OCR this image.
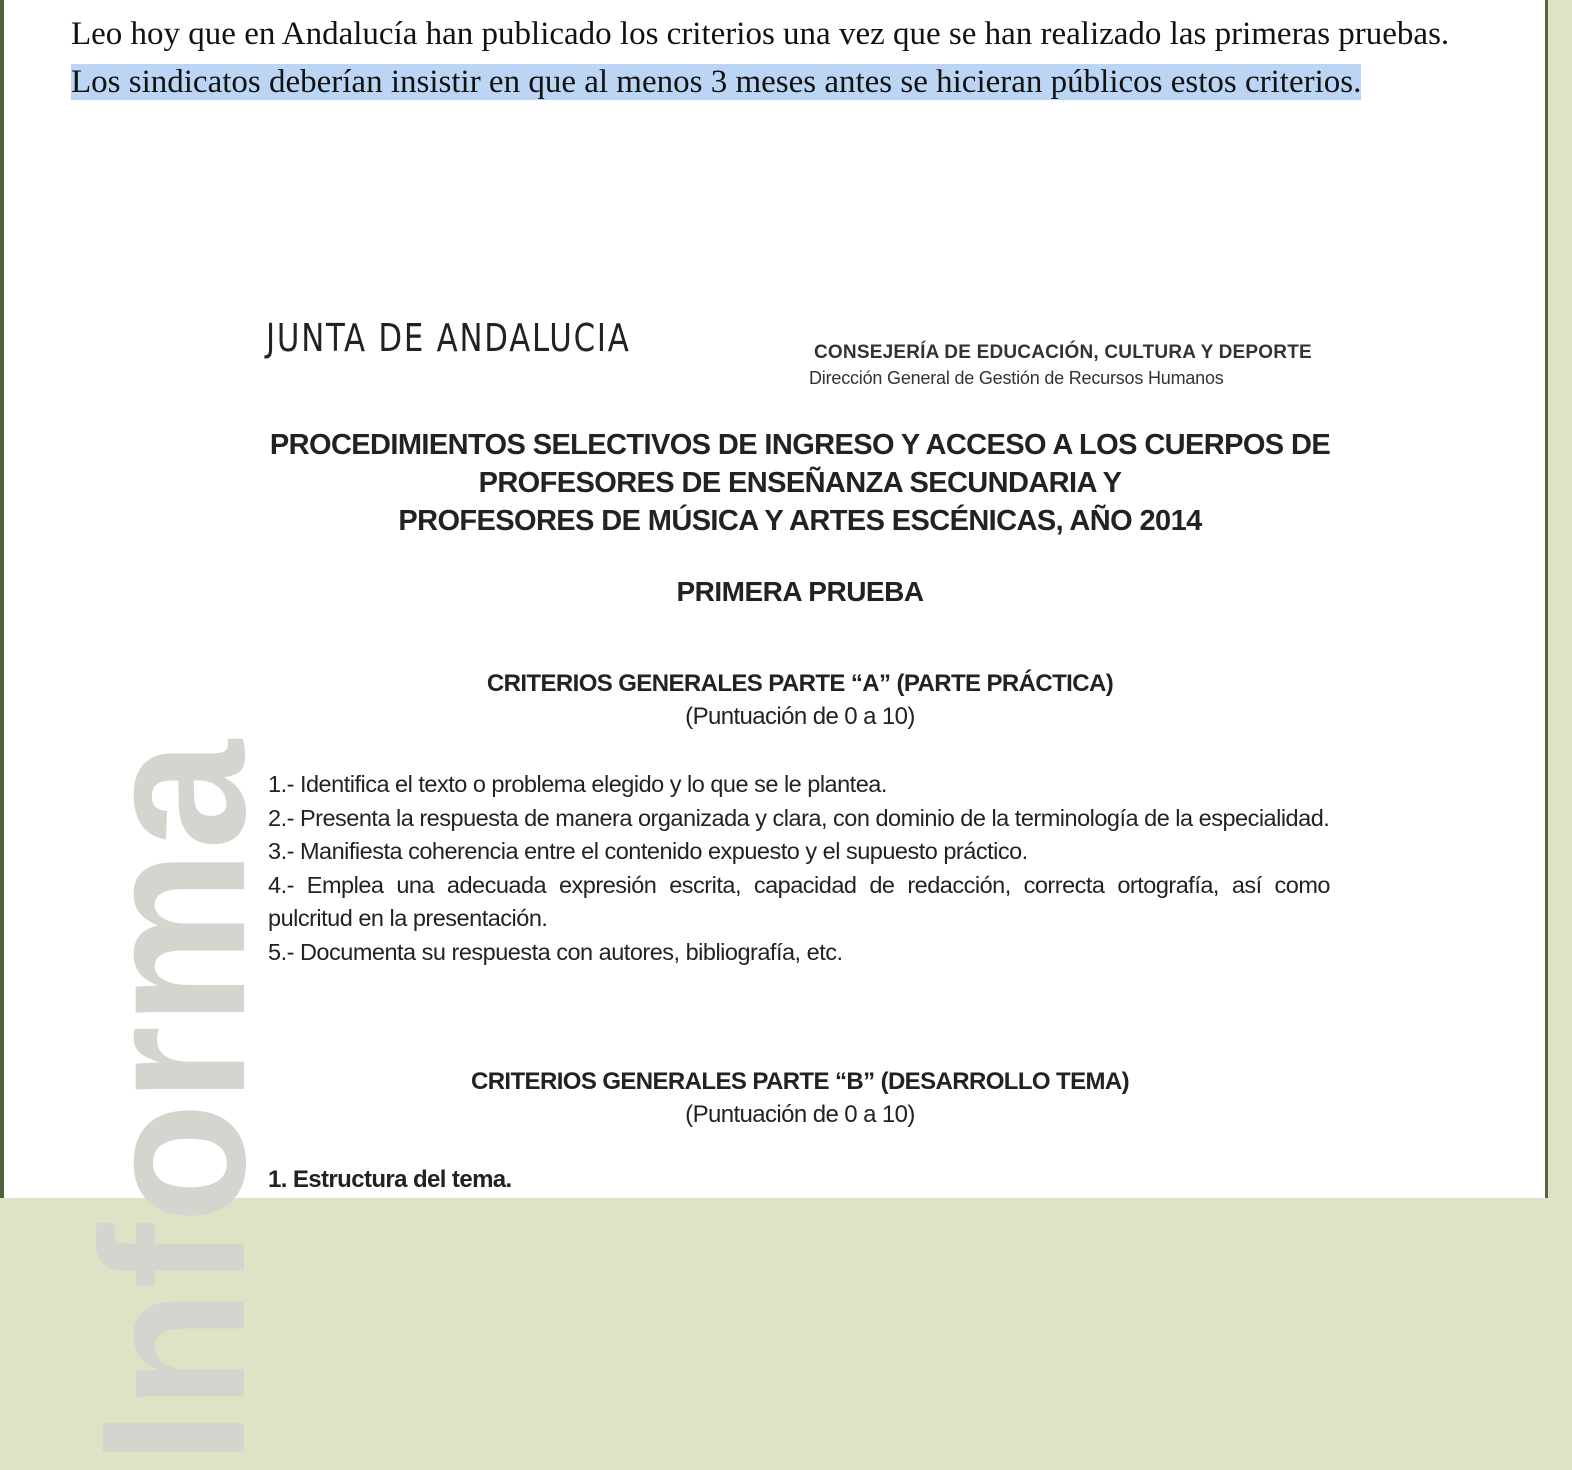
Leo hoy que en Andalucía han publicado los criterios una vez que se han realizado las primeras pruebas. Los sindicatos deberían insistir en que al menos 3 meses antes se hicieran públicos estos criterios.

Informa
JUNTA DE ANDALUCIA	CONSEJERÍA DE EDUCACIÓN, CULTURA Y DEPORTE
Dirección General de Gestión de Recursos Humanos
PROCEDIMIENTOS SELECTIVOS DE INGRESO Y ACCESO A LOS CUERPOS DE
PROFESORES DE ENSEÑANZA SECUNDARIA Y
PROFESORES DE MÚSICA Y ARTES ESCÉNICAS, AÑO 2014
PRIMERA PRUEBA
CRITERIOS GENERALES PARTE “A” (PARTE PRÁCTICA)
(Puntuación de 0 a 10)
1.- Identifica el texto o problema elegido y lo que se le plantea.
2.- Presenta la respuesta de manera organizada y clara, con dominio de la terminología de la especialidad.
3.- Manifiesta coherencia entre el contenido expuesto y el supuesto práctico.
4.- Emplea una adecuada expresión escrita, capacidad de redacción, correcta ortografía, así como pulcritud en la presentación.
5.- Documenta su respuesta con autores, bibliografía, etc.
CRITERIOS GENERALES PARTE “B” (DESARROLLO TEMA)
(Puntuación de 0 a 10)
1. Estructura del tema.
